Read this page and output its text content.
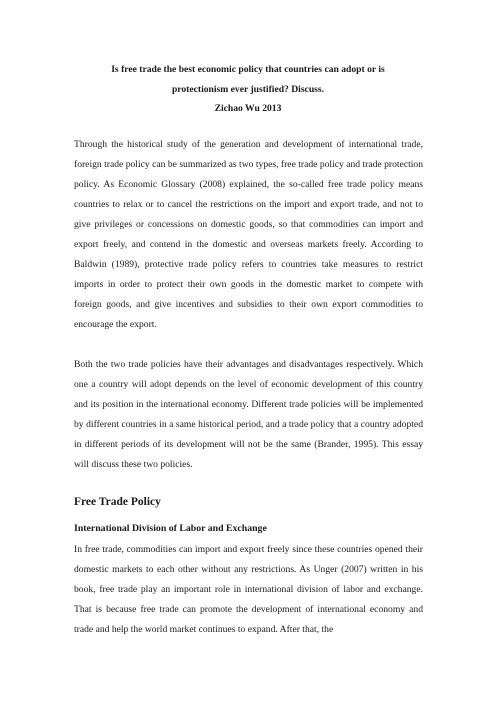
Is free trade the best economic policy that countries can adopt or is
protectionism ever justified? Discuss.
Zichao Wu 2013
Through the historical study of the generation and development of international trade, foreign trade policy can be summarized as two types, free trade policy and trade protection policy. As Economic Glossary (2008) explained, the so-called free trade policy means countries to relax or to cancel the restrictions on the import and export trade, and not to give privileges or concessions on domestic goods, so that commodities can import and export freely, and contend in the domestic and overseas markets freely. According to Baldwin (1989), protective trade policy refers to countries take measures to restrict imports in order to protect their own goods in the domestic market to compete with foreign goods, and give incentives and subsidies to their own export commodities to encourage the export.
Both the two trade policies have their advantages and disadvantages respectively. Which one a country will adopt depends on the level of economic development of this country and its position in the international economy. Different trade policies will be implemented by different countries in a same historical period, and a trade policy that a country adopted in different periods of its development will not be the same (Brander, 1995). This essay will discuss these two policies.
Free Trade Policy
International Division of Labor and Exchange
In free trade, commodities can import and export freely since these countries opened their domestic markets to each other without any restrictions. As Unger (2007) written in his book, free trade play an important role in international division of labor and exchange. That is because free trade can promote the development of international economy and trade and help the world market continues to expand. After that, the
